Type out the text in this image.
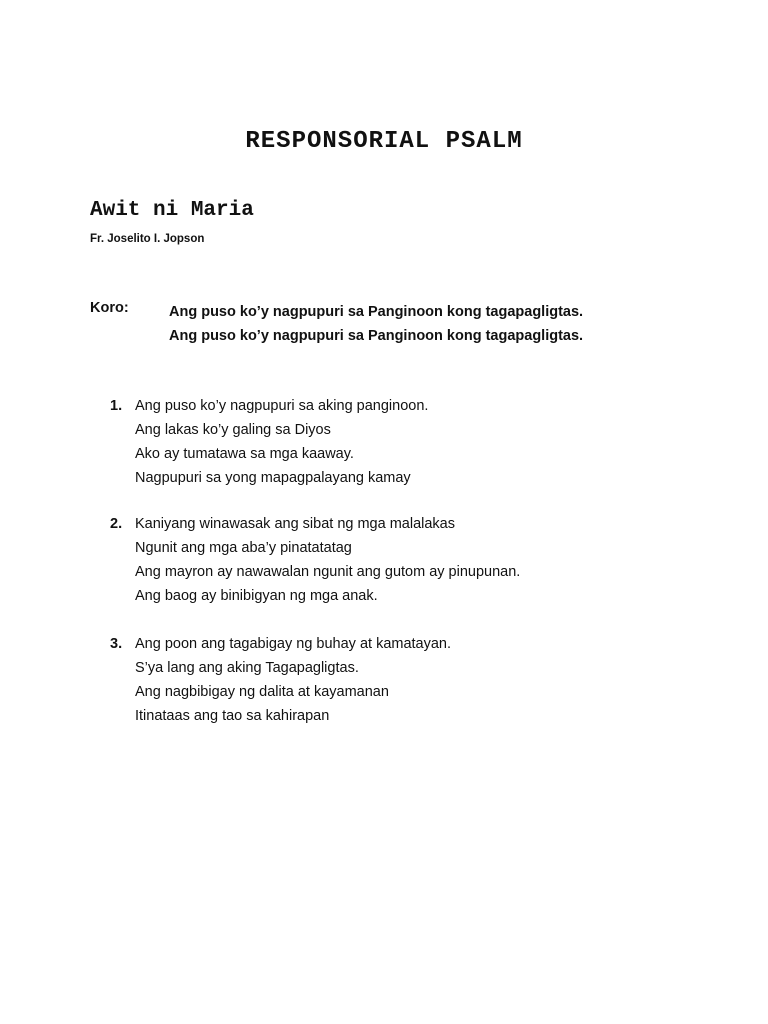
RESPONSORIAL PSALM
Awit ni Maria

Fr. Joselito I. Jopson

Koro:	Ang puso ko’y nagpupuri sa Panginoon kong tagapagligtas.
Ang puso ko’y nagpupuri sa Panginoon kong tagapagligtas.
1. Ang puso ko’y nagpupuri sa aking panginoon.
Ang lakas ko’y galing sa Diyos
Ako ay tumatawa sa mga kaaway.
Nagpupuri sa yong mapagpalayang kamay
2. Kaniyang winawasak ang sibat ng mga malalakas
Ngunit ang mga aba’y pinatatatag
Ang mayron ay nawawalan ngunit ang gutom ay pinupunan.
Ang baog ay binibigyan ng mga anak.
3. Ang poon ang tagabigay ng buhay at kamatayan.
S’ya lang ang aking Tagapagligtas.
Ang nagbibigay ng dalita at kayamanan
Itinataas ang tao sa kahirapan
